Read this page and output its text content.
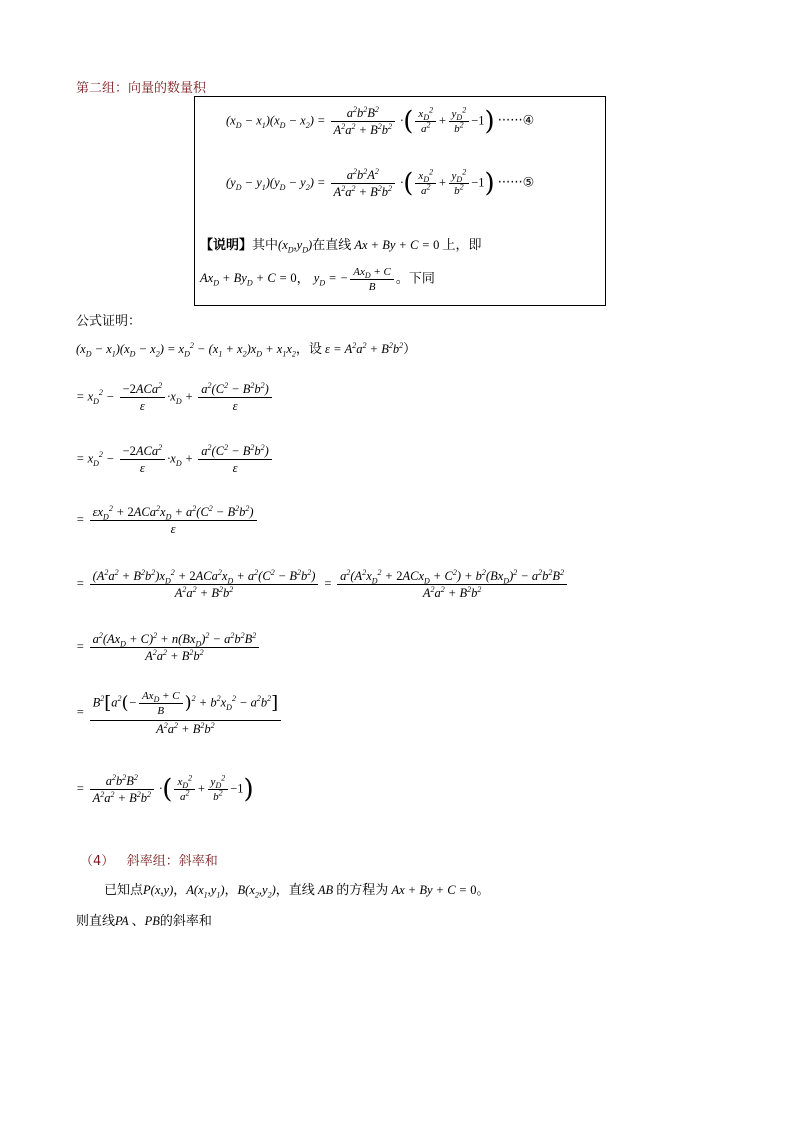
第二组：向量的数量积
$(x_D - x_1)(x_D - x_2) = \frac{a^2b^2B^2}{A^2a^2 + B^2b^2}$ ·( $\frac{x_D^2}{a^2} + \frac{y_D^2}{b^2} -1$) ······④
$(y_D - y_1)(y_D - y_2) = \frac{a^2b^2A^2}{A^2a^2 + B^2b^2}$ ·( $\frac{x_D^2}{a^2} + \frac{y_D^2}{b^2} -1$) ······⑤
【说明】其中$(x_D,y_D)$在直线 Ax + By + C = 0 上，即
$Ax_D + By_D + C = 0$， $y_D$ = − $\frac{Ax_D + C}{B}$ 。下同
公式证明：
$(x_D - x_1)(x_D - x_2) = x_D^2 - (x_1 + x_2)x_D + x_1x_2$，设 $\varepsilon = A^2a^2 + B^2b^2$）
= $x_D^2 - \frac{-2ACa^2}{\varepsilon} \cdot x_D + \frac{a^2(C^2 - B^2b^2)}{\varepsilon}$
= $x_D^2 - \frac{-2ACa^2}{\varepsilon} \cdot x_D + \frac{a^2(C^2 - B^2b^2)}{\varepsilon}$
= $\frac{\varepsilon x_D^2 + 2ACa^2x_D + a^2(C^2 - B^2b^2)}{\varepsilon}$
= $\frac{(A^2a^2 + B^2b^2)x_D^2 + 2ACa^2x_D + a^2(C^2 - B^2b^2)}{A^2a^2 + B^2b^2} = \frac{a^2(A^2x_D^2 + 2ACx_D + C^2) + b^2(Bx_D)^2 - a^2b^2B^2}{A^2a^2 + B^2b^2}$
= $\frac{a^2(Ax_D + C)^2 + n(Bx_D)^2 - a^2b^2B^2}{A^2a^2 + B^2b^2}$
= $\frac{B^2[a^2(- \frac{Ax_D + C}{B} )^2 + b^2x_D^2 - a^2b^2]}{A^2a^2 + B^2b^2}$
= $\frac{a^2b^2B^2}{A^2a^2 + B^2b^2}$ ·( $\frac{x_D^2}{a^2} + \frac{y_D^2}{b^2} -1$)
（4） 斜率组：斜率和
已知点P(x,y)，$A(x_1,y_1)$，$B(x_2,y_2)$，直线 AB 的方程为 Ax + By + C = 0。
则直线PA 、PB的斜率和
